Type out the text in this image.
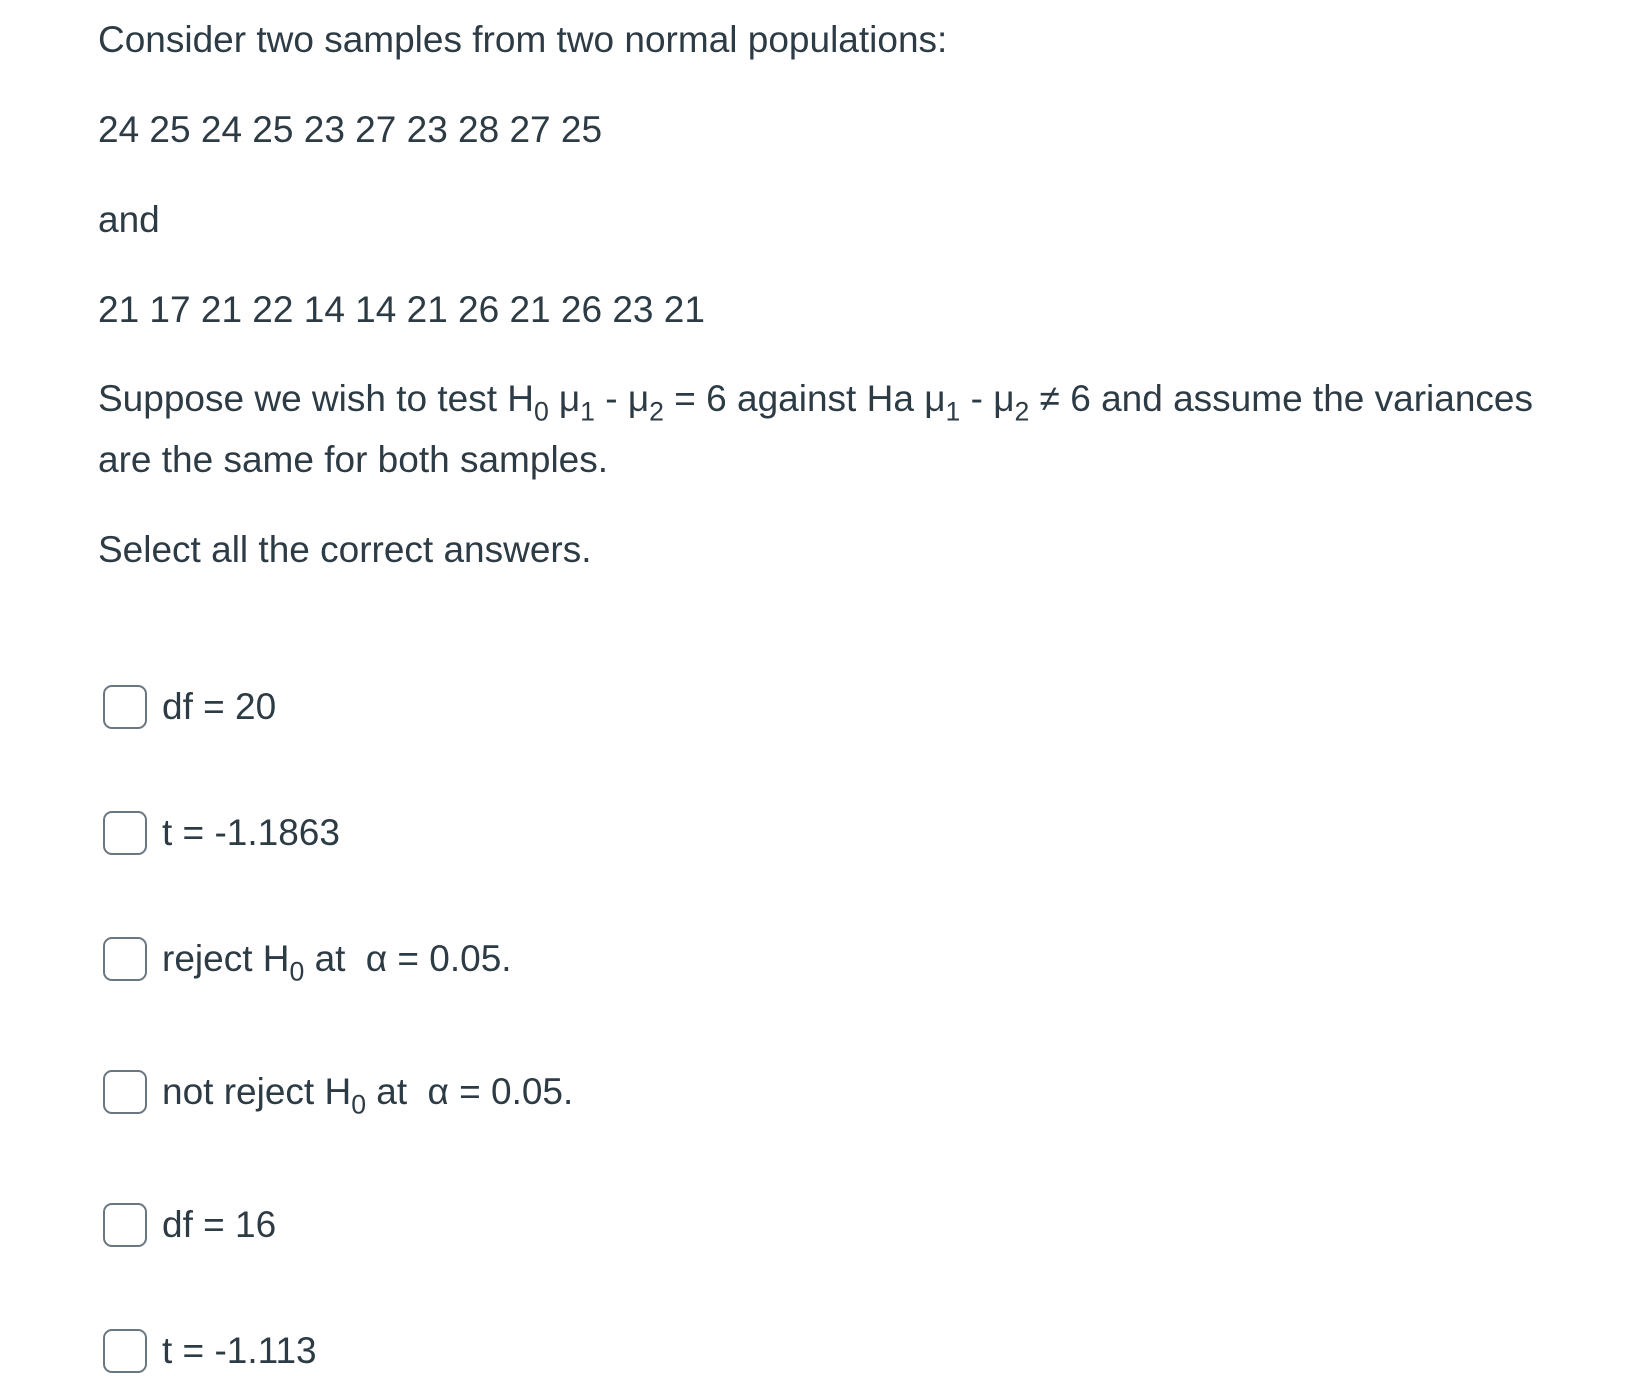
Consider two samples from two normal populations:

24 25 24 25 23 27 23 28 27 25

and

21 17 21 22 14 14 21 26 21 26 23 21

Suppose we wish to test $H_0$ $\mu_1 - \mu_2 = 6$ against Ha $\mu_1 - \mu_2 \ne 6$ and assume the variances are the same for both samples.

Select all the correct answers.

df = 20
t = -1.1863
reject $H_0$ at α = 0.05.
not reject $H_0$ at α = 0.05.
df = 16
t = -1.113
